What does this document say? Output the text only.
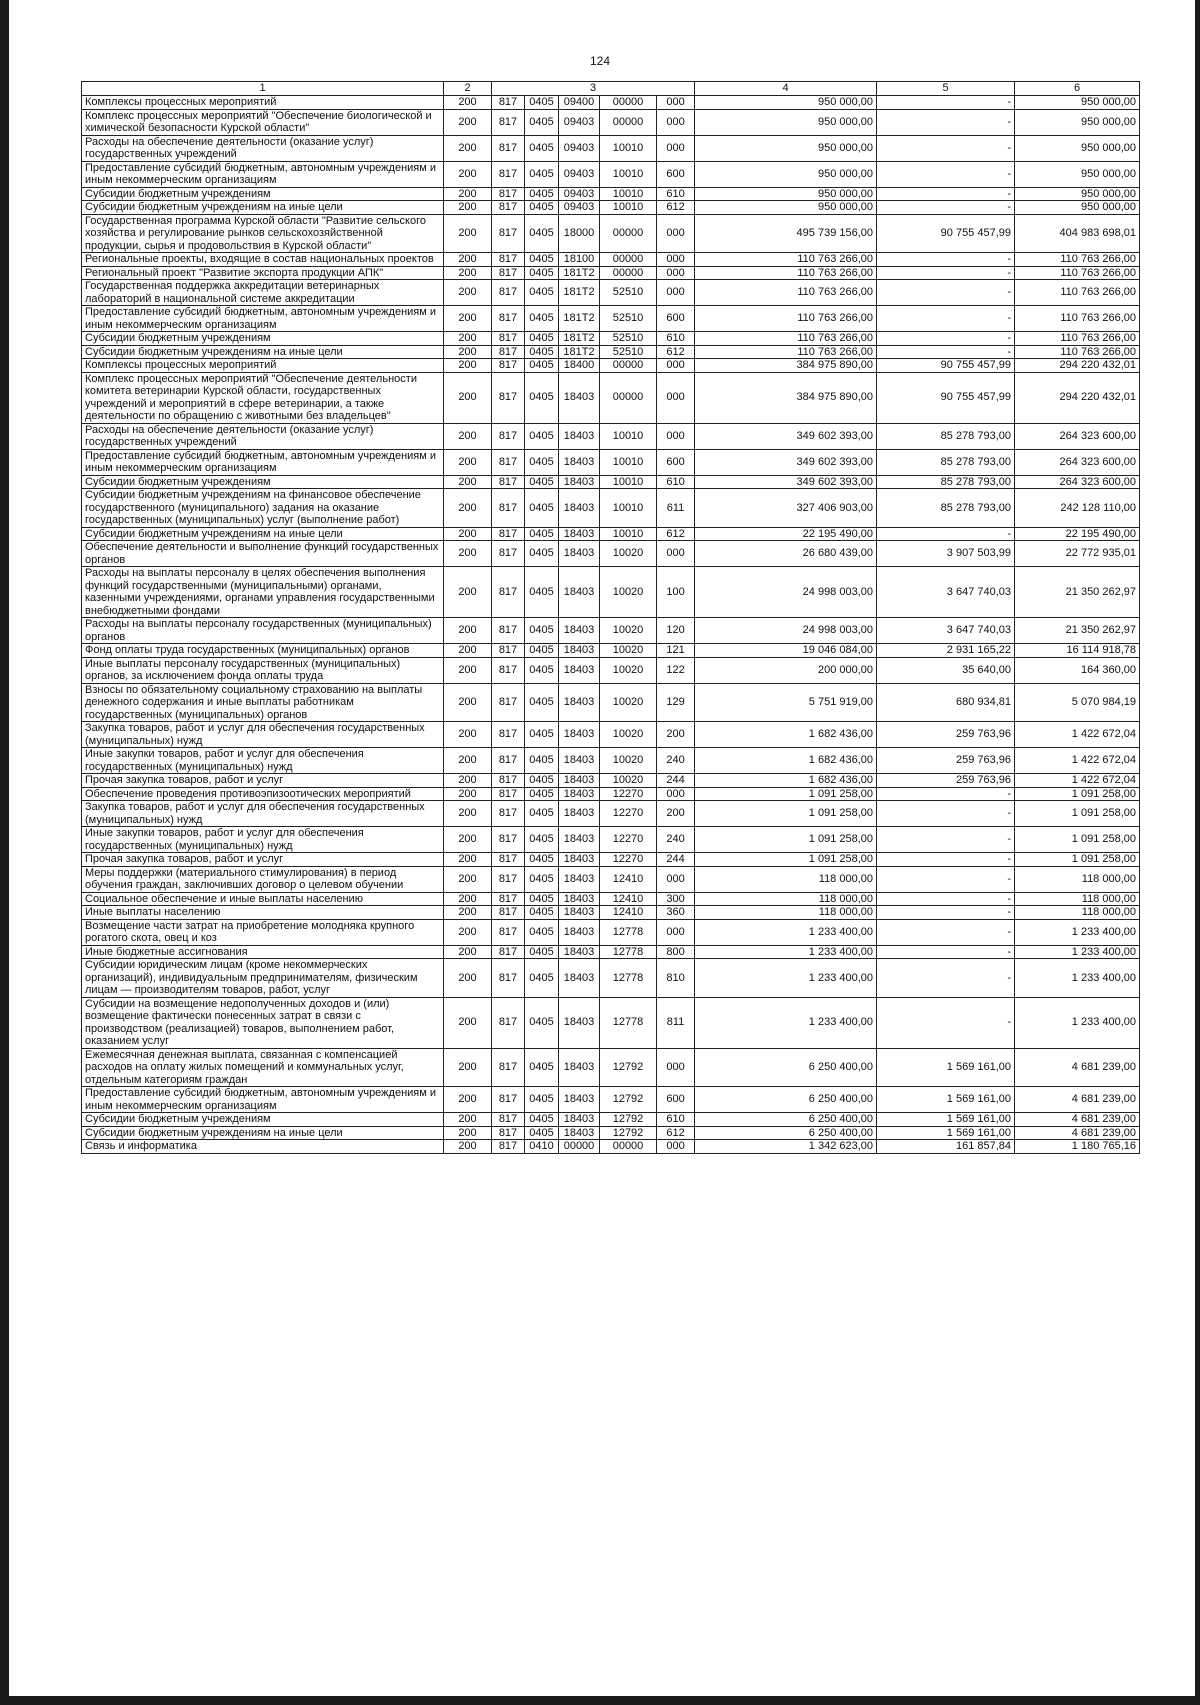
124
1	2	3					4	5	6
Комплексы процессных мероприятий	200	817	0405	09400	00000	000	950 000,00	-	950 000,00
Комплекс процессных мероприятий "Обеспечение биологической и химической безопасности Курской области"	200	817	0405	09403	00000	000	950 000,00	-	950 000,00
Расходы на обеспечение деятельности (оказание услуг) государственных учреждений	200	817	0405	09403	10010	000	950 000,00	-	950 000,00
Предоставление субсидий бюджетным, автономным учреждениям и иным некоммерческим организациям	200	817	0405	09403	10010	600	950 000,00	-	950 000,00
Субсидии бюджетным учреждениям	200	817	0405	09403	10010	610	950 000,00	-	950 000,00
Субсидии бюджетным учреждениям на иные цели	200	817	0405	09403	10010	612	950 000,00	-	950 000,00
Государственная программа Курской области "Развитие сельского хозяйства и регулирование рынков сельскохозяйственной продукции, сырья и продовольствия в Курской области"	200	817	0405	18000	00000	000	495 739 156,00	90 755 457,99	404 983 698,01
Региональные проекты, входящие в состав национальных проектов	200	817	0405	18100	00000	000	110 763 266,00	-	110 763 266,00
Региональный проект "Развитие экспорта продукции АПК"	200	817	0405	181Т2	00000	000	110 763 266,00	-	110 763 266,00
Государственная поддержка аккредитации ветеринарных лабораторий в национальной системе аккредитации	200	817	0405	181Т2	52510	000	110 763 266,00	-	110 763 266,00
Предоставление субсидий бюджетным, автономным учреждениям и иным некоммерческим организациям	200	817	0405	181Т2	52510	600	110 763 266,00	-	110 763 266,00
Субсидии бюджетным учреждениям	200	817	0405	181Т2	52510	610	110 763 266,00	-	110 763 266,00
Субсидии бюджетным учреждениям на иные цели	200	817	0405	181Т2	52510	612	110 763 266,00	-	110 763 266,00
Комплексы процессных мероприятий	200	817	0405	18400	00000	000	384 975 890,00	90 755 457,99	294 220 432,01
Комплекс процессных мероприятий "Обеспечение деятельности комитета ветеринарии Курской области, государственных учреждений и мероприятий в сфере ветеринарии, а также деятельности по обращению с животными без владельцев"	200	817	0405	18403	00000	000	384 975 890,00	90 755 457,99	294 220 432,01
Расходы на обеспечение деятельности (оказание услуг) государственных учреждений	200	817	0405	18403	10010	000	349 602 393,00	85 278 793,00	264 323 600,00
Предоставление субсидий бюджетным, автономным учреждениям и иным некоммерческим организациям	200	817	0405	18403	10010	600	349 602 393,00	85 278 793,00	264 323 600,00
Субсидии бюджетным учреждениям	200	817	0405	18403	10010	610	349 602 393,00	85 278 793,00	264 323 600,00
Субсидии бюджетным учреждениям на финансовое обеспечение государственного (муниципального) задания на оказание государственных (муниципальных) услуг (выполнение работ)	200	817	0405	18403	10010	611	327 406 903,00	85 278 793,00	242 128 110,00
Субсидии бюджетным учреждениям на иные цели	200	817	0405	18403	10010	612	22 195 490,00	-	22 195 490,00
Обеспечение деятельности и выполнение функций государственных органов	200	817	0405	18403	10020	000	26 680 439,00	3 907 503,99	22 772 935,01
Расходы на выплаты персоналу в целях обеспечения выполнения функций государственными (муниципальными) органами, казенными учреждениями, органами управления государственными внебюджетными фондами	200	817	0405	18403	10020	100	24 998 003,00	3 647 740,03	21 350 262,97
Расходы на выплаты персоналу государственных (муниципальных) органов	200	817	0405	18403	10020	120	24 998 003,00	3 647 740,03	21 350 262,97
Фонд оплаты труда государственных (муниципальных) органов	200	817	0405	18403	10020	121	19 046 084,00	2 931 165,22	16 114 918,78
Иные выплаты персоналу государственных (муниципальных) органов, за исключением фонда оплаты труда	200	817	0405	18403	10020	122	200 000,00	35 640,00	164 360,00
Взносы по обязательному социальному страхованию на выплаты денежного содержания и иные выплаты работникам государственных (муниципальных) органов	200	817	0405	18403	10020	129	5 751 919,00	680 934,81	5 070 984,19
Закупка товаров, работ и услуг для обеспечения государственных (муниципальных) нужд	200	817	0405	18403	10020	200	1 682 436,00	259 763,96	1 422 672,04
Иные закупки товаров, работ и услуг для обеспечения государственных (муниципальных) нужд	200	817	0405	18403	10020	240	1 682 436,00	259 763,96	1 422 672,04
Прочая закупка товаров, работ и услуг	200	817	0405	18403	10020	244	1 682 436,00	259 763,96	1 422 672,04
Обеспечение проведения противоэпизоотических мероприятий	200	817	0405	18403	12270	000	1 091 258,00	-	1 091 258,00
Закупка товаров, работ и услуг для обеспечения государственных (муниципальных) нужд	200	817	0405	18403	12270	200	1 091 258,00	-	1 091 258,00
Иные закупки товаров, работ и услуг для обеспечения государственных (муниципальных) нужд	200	817	0405	18403	12270	240	1 091 258,00	-	1 091 258,00
Прочая закупка товаров, работ и услуг	200	817	0405	18403	12270	244	1 091 258,00	-	1 091 258,00
Меры поддержки (материального стимулирования) в период обучения граждан, заключивших договор о целевом обучении	200	817	0405	18403	12410	000	118 000,00	-	118 000,00
Социальное обеспечение и иные выплаты населению	200	817	0405	18403	12410	300	118 000,00	-	118 000,00
Иные выплаты населению	200	817	0405	18403	12410	360	118 000,00	-	118 000,00
Возмещение части затрат на приобретение молодняка крупного рогатого скота, овец и коз	200	817	0405	18403	12778	000	1 233 400,00	-	1 233 400,00
Иные бюджетные ассигнования	200	817	0405	18403	12778	800	1 233 400,00	-	1 233 400,00
Субсидии юридическим лицам (кроме некоммерческих организаций), индивидуальным предпринимателям, физическим лицам — производителям товаров, работ, услуг	200	817	0405	18403	12778	810	1 233 400,00	-	1 233 400,00
Субсидии на возмещение недополученных доходов и (или) возмещение фактически понесенных затрат в связи с производством (реализацией) товаров, выполнением работ, оказанием услуг	200	817	0405	18403	12778	811	1 233 400,00	-	1 233 400,00
Ежемесячная денежная выплата, связанная с компенсацией расходов на оплату жилых помещений и коммунальных услуг, отдельным категориям граждан	200	817	0405	18403	12792	000	6 250 400,00	1 569 161,00	4 681 239,00
Предоставление субсидий бюджетным, автономным учреждениям и иным некоммерческим организациям	200	817	0405	18403	12792	600	6 250 400,00	1 569 161,00	4 681 239,00
Субсидии бюджетным учреждениям	200	817	0405	18403	12792	610	6 250 400,00	1 569 161,00	4 681 239,00
Субсидии бюджетным учреждениям на иные цели	200	817	0405	18403	12792	612	6 250 400,00	1 569 161,00	4 681 239,00
Связь и информатика	200	817	0410	00000	00000	000	1 342 623,00	161 857,84	1 180 765,16
